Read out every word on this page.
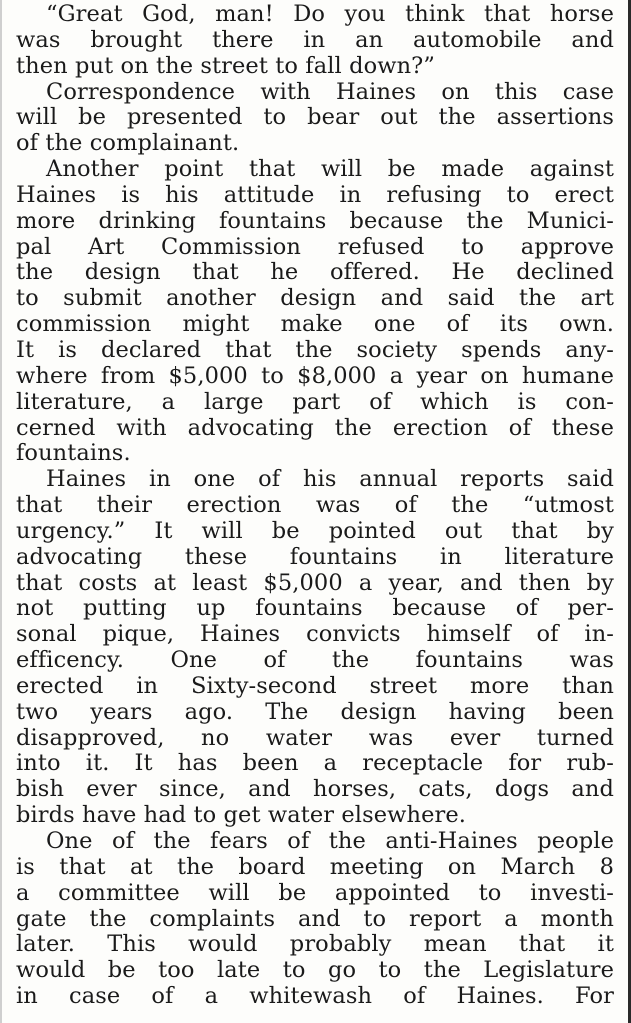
“Great God, man! Do you think that horse
was brought there in an automobile and
then put on the street to fall down?”
Correspondence with Haines on this case
will be presented to bear out the assertions
of the complainant.
Another point that will be made against
Haines is his attitude in refusing to erect
more drinking fountains because the Munici-
pal Art Commission refused to approve
the design that he offered. He declined
to submit another design and said the art
commission might make one of its own.
It is declared that the society spends any-
where from $5,000 to $8,000 a year on humane
literature, a large part of which is con-
cerned with advocating the erection of these
fountains.
Haines in one of his annual reports said
that their erection was of the “utmost
urgency.” It will be pointed out that by
advocating these fountains in literature
that costs at least $5,000 a year, and then by
not putting up fountains because of per-
sonal pique, Haines convicts himself of in-
efficency. One of the fountains was
erected in Sixty-second street more than
two years ago. The design having been
disapproved, no water was ever turned
into it. It has been a receptacle for rub-
bish ever since, and horses, cats, dogs and
birds have had to get water elsewhere.
One of the fears of the anti-Haines people
is that at the board meeting on March 8
a committee will be appointed to investi-
gate the complaints and to report a month
later. This would probably mean that it
would be too late to go to the Legislature
in case of a whitewash of Haines. For
